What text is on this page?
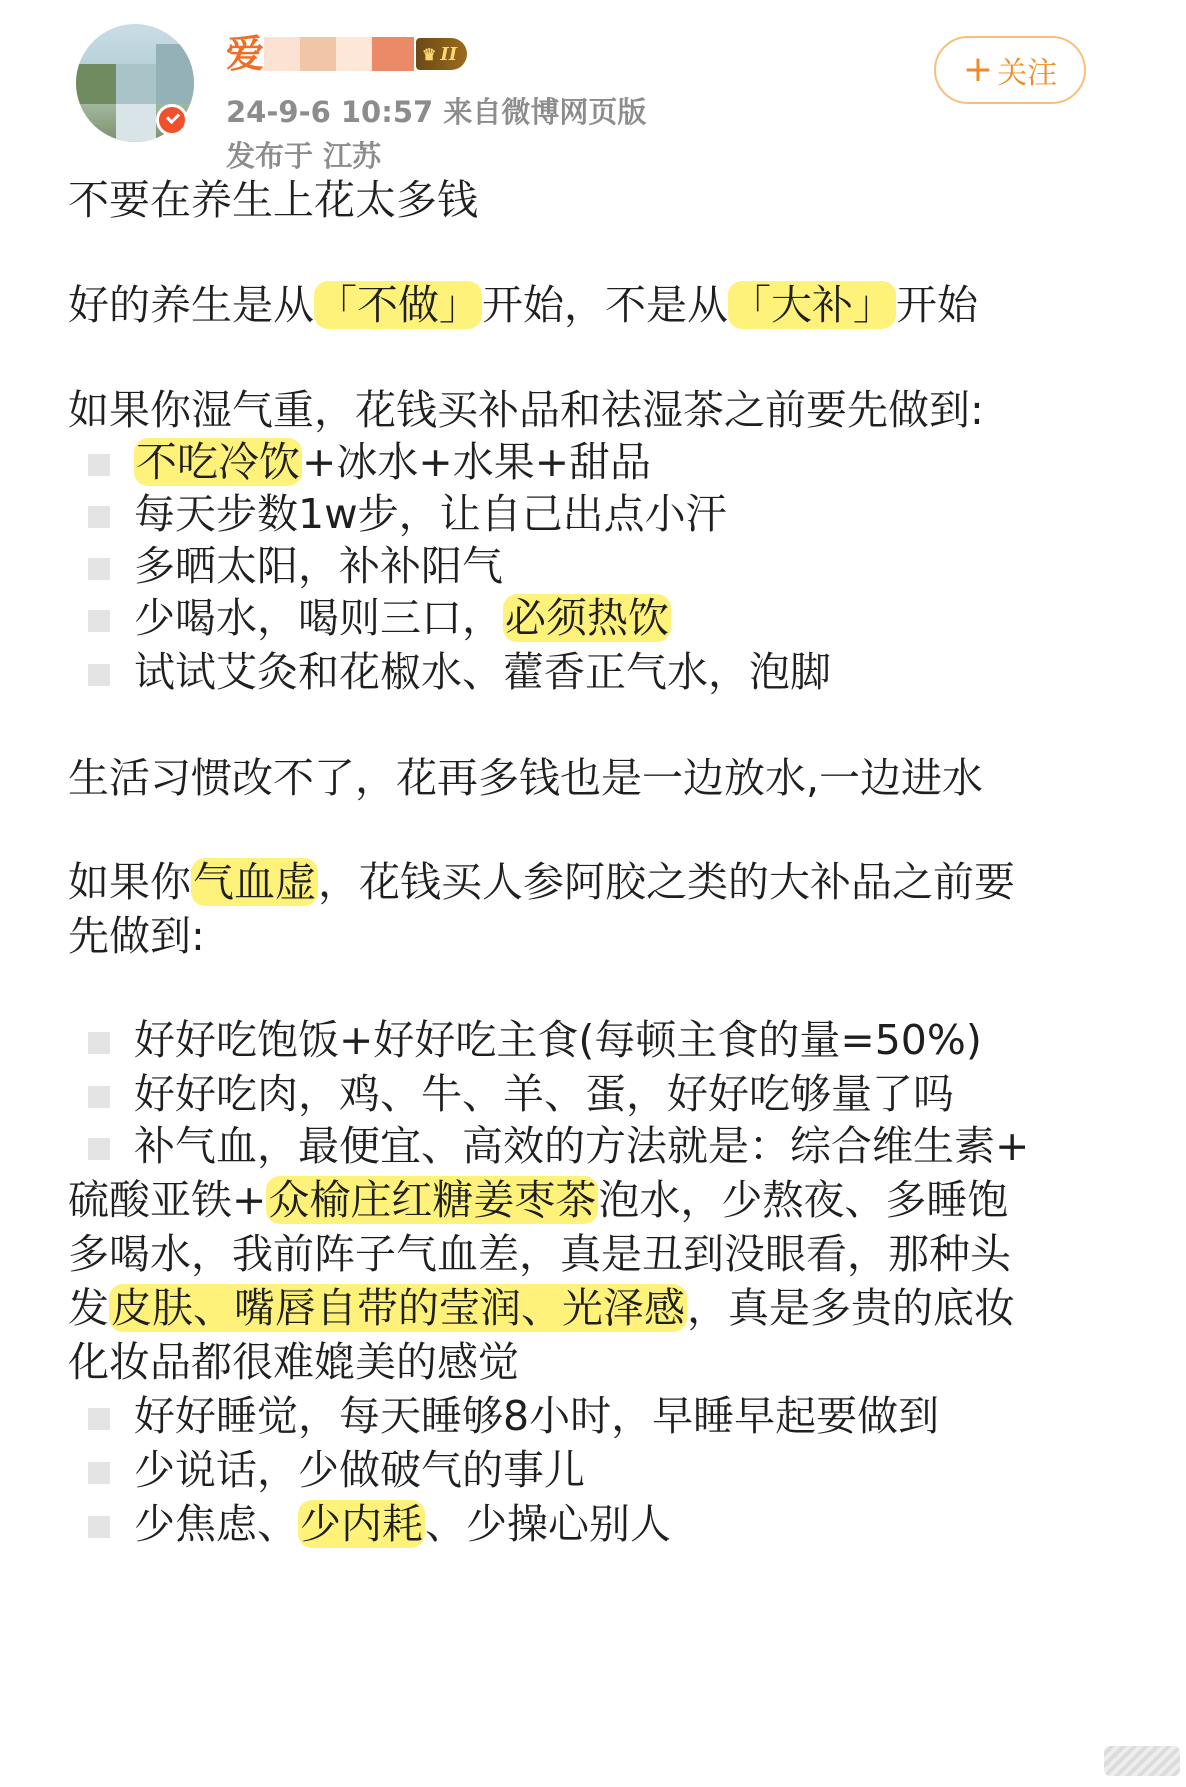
爱	♛ II
24-9-6 10:57 来自微博网页版
发布于 江苏
+ 关注
不要在养生上花太多钱
好的养生是从「不做」开始，不是从「大补」开始
如果你湿气重，花钱买补品和祛湿茶之前要先做到:
不吃冷饮+冰水+水果+甜品
每天步数1w步，让自己出点小汗
多晒太阳，补补阳气
少喝水，喝则三口，必须热饮
试试艾灸和花椒水、藿香正气水，泡脚
生活习惯改不了，花再多钱也是一边放水,一边进水
如果你气血虚，花钱买人参阿胶之类的大补品之前要
先做到:
好好吃饱饭+好好吃主食(每顿主食的量=50%)
好好吃肉，鸡、牛、羊、蛋，好好吃够量了吗
补气血，最便宜、高效的方法就是：综合维生素+
硫酸亚铁+众榆庄红糖姜枣茶泡水，少熬夜、多睡饱
多喝水，我前阵子气血差，真是丑到没眼看，那种头
发皮肤、嘴唇自带的莹润、光泽感，真是多贵的底妆
化妆品都很难媲美的感觉
好好睡觉，每天睡够8小时，早睡早起要做到
少说话，少做破气的事儿
少焦虑、少内耗、少操心别人
